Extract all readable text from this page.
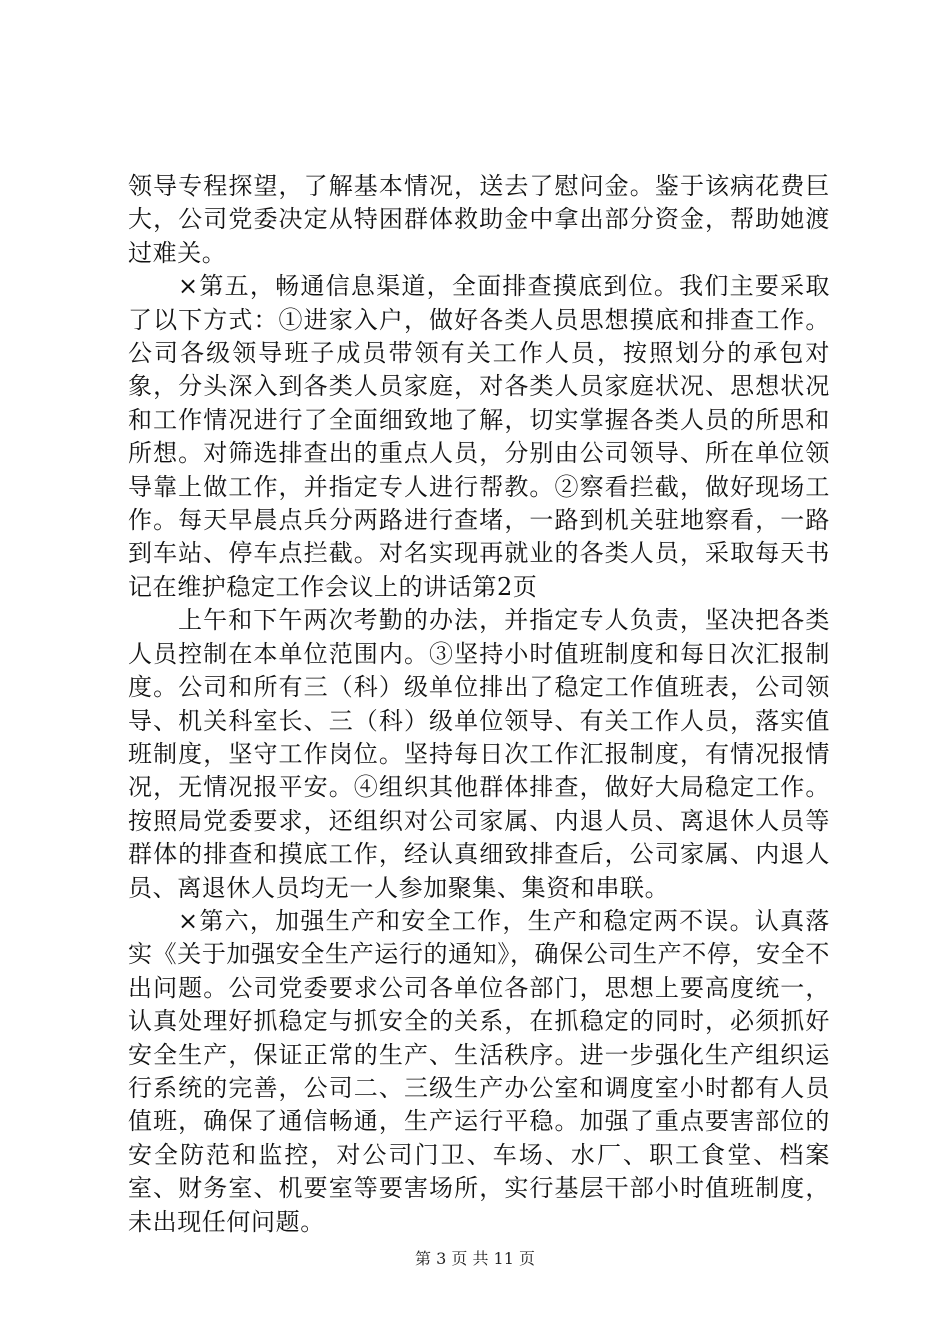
领导专程探望，了解基本情况，送去了慰问金。鉴于该病花费巨大，公司党委决定从特困群体救助金中拿出部分资金，帮助她渡过难关。

×第五，畅通信息渠道，全面排查摸底到位。我们主要采取了以下方式：①进家入户，做好各类人员思想摸底和排查工作。公司各级领导班子成员带领有关工作人员，按照划分的承包对象，分头深入到各类人员家庭，对各类人员家庭状况、思想状况和工作情况进行了全面细致地了解，切实掌握各类人员的所思和所想。对筛选排查出的重点人员，分别由公司领导、所在单位领导靠上做工作，并指定专人进行帮教。②察看拦截，做好现场工作。每天早晨点兵分两路进行查堵，一路到机关驻地察看，一路到车站、停车点拦截。对名实现再就业的各类人员，采取每天书记在维护稳定工作会议上的讲话第2页

上午和下午两次考勤的办法，并指定专人负责，坚决把各类人员控制在本单位范围内。③坚持小时值班制度和每日次汇报制度。公司和所有三（科）级单位排出了稳定工作值班表，公司领导、机关科室长、三（科）级单位领导、有关工作人员，落实值班制度，坚守工作岗位。坚持每日次工作汇报制度，有情况报情况，无情况报平安。④组织其他群体排查，做好大局稳定工作。按照局党委要求，还组织对公司家属、内退人员、离退休人员等群体的排查和摸底工作，经认真细致排查后，公司家属、内退人员、离退休人员均无一人参加聚集、集资和串联。

×第六，加强生产和安全工作，生产和稳定两不误。认真落实《关于加强安全生产运行的通知》，确保公司生产不停，安全不出问题。公司党委要求公司各单位各部门，思想上要高度统一，认真处理好抓稳定与抓安全的关系，在抓稳定的同时，必须抓好安全生产，保证正常的生产、生活秩序。进一步强化生产组织运行系统的完善，公司二、三级生产办公室和调度室小时都有人员值班，确保了通信畅通，生产运行平稳。加强了重点要害部位的安全防范和监控，对公司门卫、车场、水厂、职工食堂、档案室、财务室、机要室等要害场所，实行基层干部小时值班制度，未出现任何问题。

第 3 页 共 11 页
